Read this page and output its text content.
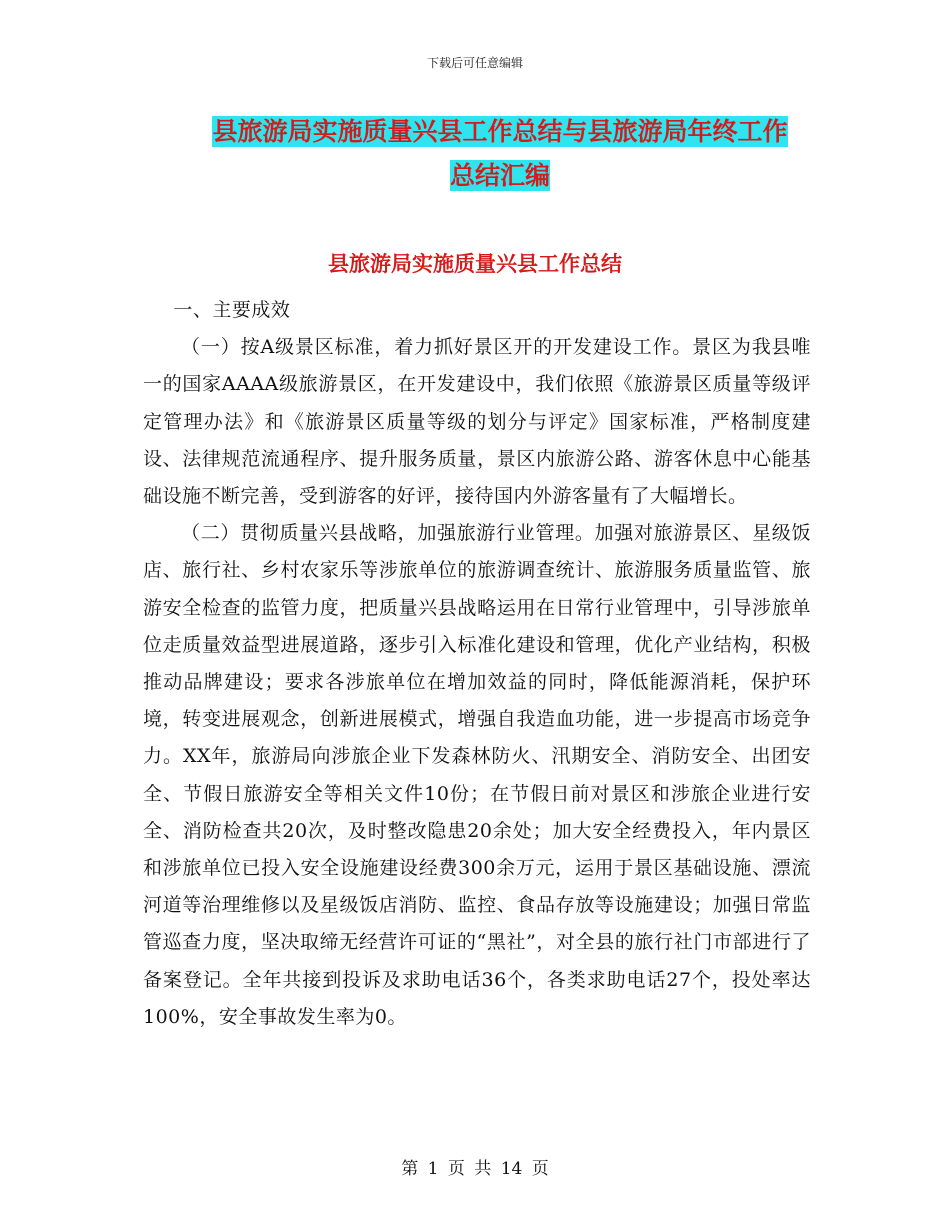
下载后可任意编辑
县旅游局实施质量兴县工作总结与县旅游局年终工作
总结汇编
县旅游局实施质量兴县工作总结

一、主要成效

（一）按A级景区标准，着力抓好景区开的开发建设工作。景区为我县唯一的国家AAAA级旅游景区，在开发建设中，我们依照《旅游景区质量等级评定管理办法》和《旅游景区质量等级的划分与评定》国家标准，严格制度建设、法律规范流通程序、提升服务质量，景区内旅游公路、游客休息中心能基础设施不断完善，受到游客的好评，接待国内外游客量有了大幅增长。

（二）贯彻质量兴县战略，加强旅游行业管理。加强对旅游景区、星级饭店、旅行社、乡村农家乐等涉旅单位的旅游调查统计、旅游服务质量监管、旅游安全检查的监管力度，把质量兴县战略运用在日常行业管理中，引导涉旅单位走质量效益型进展道路，逐步引入标准化建设和管理，优化产业结构，积极推动品牌建设；要求各涉旅单位在增加效益的同时，降低能源消耗，保护环境，转变进展观念，创新进展模式，增强自我造血功能，进一步提高市场竞争力。XX年，旅游局向涉旅企业下发森林防火、汛期安全、消防安全、出团安全、节假日旅游安全等相关文件10份；在节假日前对景区和涉旅企业进行安全、消防检查共20次，及时整改隐患20余处；加大安全经费投入，年内景区和涉旅单位已投入安全设施建设经费300余万元，运用于景区基础设施、漂流河道等治理维修以及星级饭店消防、监控、食品存放等设施建设；加强日常监管巡查力度，坚决取缔无经营许可证的“黑社”，对全县的旅行社门市部进行了备案登记。全年共接到投诉及求助电话36个，各类求助电话27个，投处率达100%，安全事故发生率为0。

第 1 页 共 14 页
